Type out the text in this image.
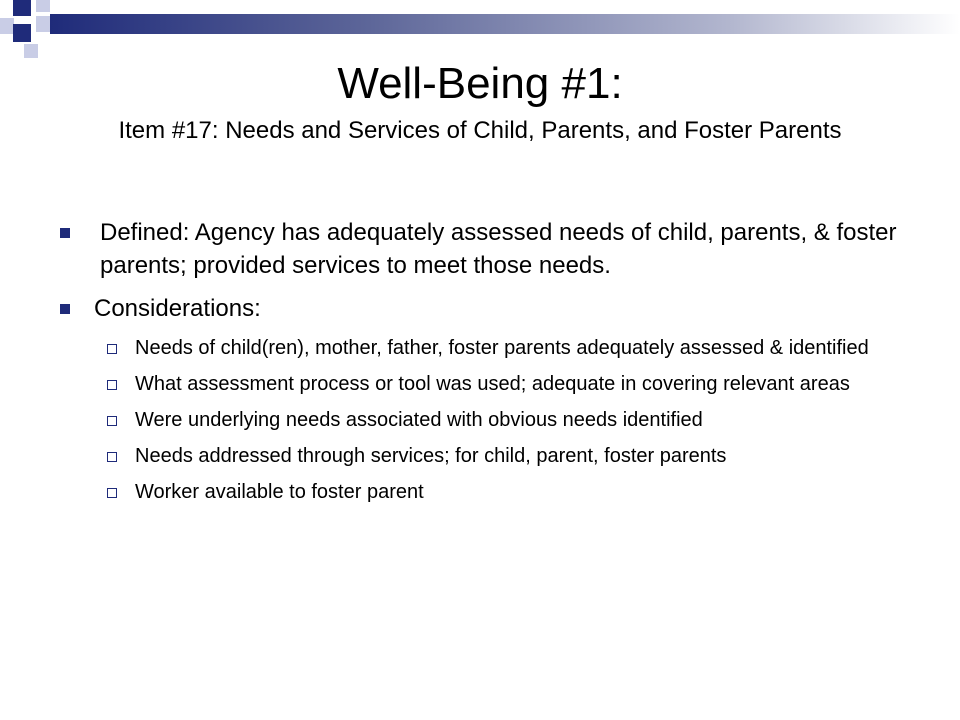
Well-Being #1:
Item #17: Needs and Services of Child, Parents, and Foster Parents
Defined: Agency has adequately assessed needs of child, parents, & foster parents; provided services to meet those needs.
Considerations:
Needs of child(ren), mother, father, foster parents adequately assessed & identified
What assessment process or tool was used; adequate in covering relevant areas
Were underlying needs associated with obvious needs identified
Needs addressed through services; for child, parent, foster parents
Worker available to foster parent
